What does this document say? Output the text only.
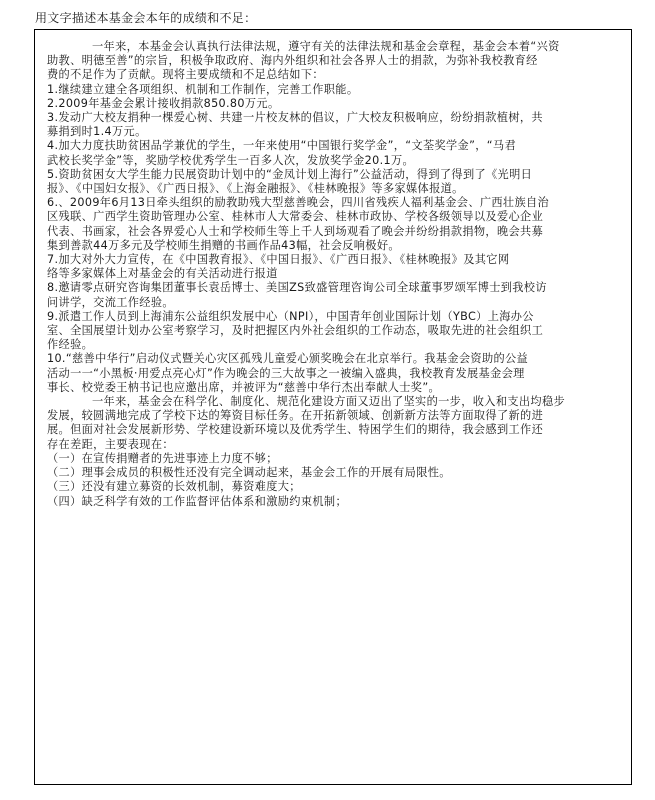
用文字描述本基金会本年的成绩和不足：

一年来，本基金会认真执行法律法规，遵守有关的法律法规和基金会章程，基金会本着“兴资

助教、明德至善”的宗旨，积极争取政府、海内外组织和社会各界人士的捐款，为弥补我校教育经

费的不足作为了贡献。现将主要成绩和不足总结如下：

1.继续建立建全各项组织、机制和工作制作，完善工作职能。

2.2009年基金会累计接收捐款850.80万元。

3.发动广大校友捐种一棵爱心树、共建一片校友林的倡议，广大校友积极响应，纷纷捐款植树，共

募捐到时1.4万元。

4.加大力度扶助贫困品学兼优的学生，一年来使用“中国银行奖学金”，“文荃奖学金”，“马君

武校长奖学金”等，奖励学校优秀学生一百多人次，发放奖学金20.1万。

5.资助贫困女大学生能力民展资助计划中的“金凤计划上海行”公益活动，得到了得到了《光明日

报》、《中国妇女报》、《广西日报》、《上海金融报》、《桂林晚报》等多家媒体报道。

6.、2009年6月13日牵头组织的励教助残大型慈善晚会，四川省残疾人福利基金会、广西壮族自治

区残联、广西学生资助管理办公室、桂林市人大常委会、桂林市政协、学校各级领导以及爱心企业

代表、书画家，社会各界爱心人士和学校师生等上千人到场观看了晚会并纷纷捐款捐物，晚会共募

集到善款44万多元及学校师生捐赠的书画作品43幅，社会反响极好。

7.加大对外大力宣传，在《中国教育报》、《中国日报》、《广西日报》、《桂林晚报》及其它网

络等多家媒体上对基金会的有关活动进行报道

8.邀请零点研究咨询集团董事长袁岳博士、美国ZS致盛管理咨询公司全球董事罗颂军博士到我校访

问讲学，交流工作经验。

9.派遣工作人员到上海浦东公益组织发展中心（NPI），中国青年创业国际计划（YBC）上海办公

室、全国展望计划办公室考察学习，及时把握区内外社会组织的工作动态，吸取先进的社会组织工

作经验。

10.“慈善中华行”启动仪式暨关心灾区孤残儿童爱心颁奖晚会在北京举行。我基金会资助的公益

活动一一“小黑板·用爱点亮心灯”作为晚会的三大故事之一被编入盛典，我校教育发展基金会理

事长、校党委王枘书记也应邀出席，并被评为“慈善中华行杰出奉献人士奖”。

一年来，基金会在科学化、制度化、规范化建设方面又迈出了坚实的一步，收入和支出均稳步

发展，较圆满地完成了学校下达的筹资目标任务。在开拓新领域、创新新方法等方面取得了新的进

展。但面对社会发展新形势、学校建设新环境以及优秀学生、特困学生们的期待，我会感到工作还

存在差距，主要表现在：

（一）在宣传捐赠者的先进事迹上力度不够；

（二）理事会成员的积极性还没有完全调动起来，基金会工作的开展有局限性。

（三）还没有建立募资的长效机制，募资难度大；

（四）缺乏科学有效的工作监督评估体系和激励约束机制；
